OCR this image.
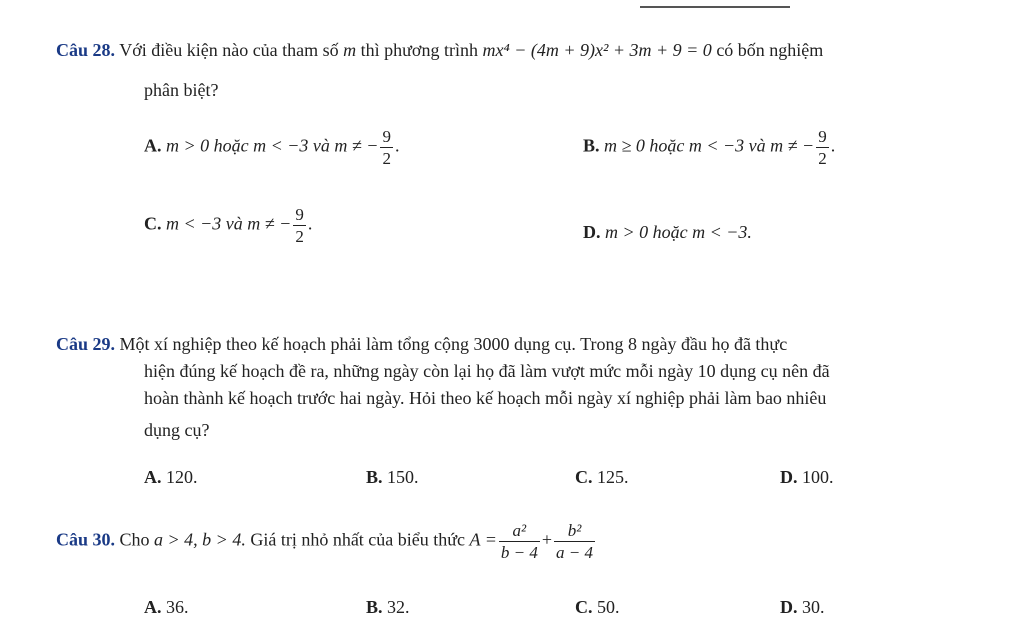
Câu 28. Với điều kiện nào của tham số m thì phương trình mx⁴ − (4m + 9)x² + 3m + 9 = 0 có bốn nghiệm
phân biệt?
A. m > 0 hoặc m < −3 và m ≠ − $\frac{9}{2}$ .	B. m ≥ 0 hoặc m < −3 và m ≠ − $\frac{9}{2}$ .
C. m < −3 và m ≠ − $\frac{9}{2}$ .	D. m > 0 hoặc m < −3.
Câu 29. Một xí nghiệp theo kế hoạch phải làm tổng cộng 3000 dụng cụ. Trong 8 ngày đầu họ đã thực
hiện đúng kế hoạch đề ra, những ngày còn lại họ đã làm vượt mức mỗi ngày 10 dụng cụ nên đã
hoàn thành kế hoạch trước hai ngày. Hỏi theo kế hoạch mỗi ngày xí nghiệp phải làm bao nhiêu
dụng cụ?
A. 120.	B. 150.	C. 125.	D. 100.
Câu 30. Cho a > 4, b > 4. Giá trị nhỏ nhất của biểu thức $A = \frac{\text{a²}}{b - 4} + \frac{\text{b²}}{a - 4}$
A. 36.	B. 32.	C. 50.	D. 30.
